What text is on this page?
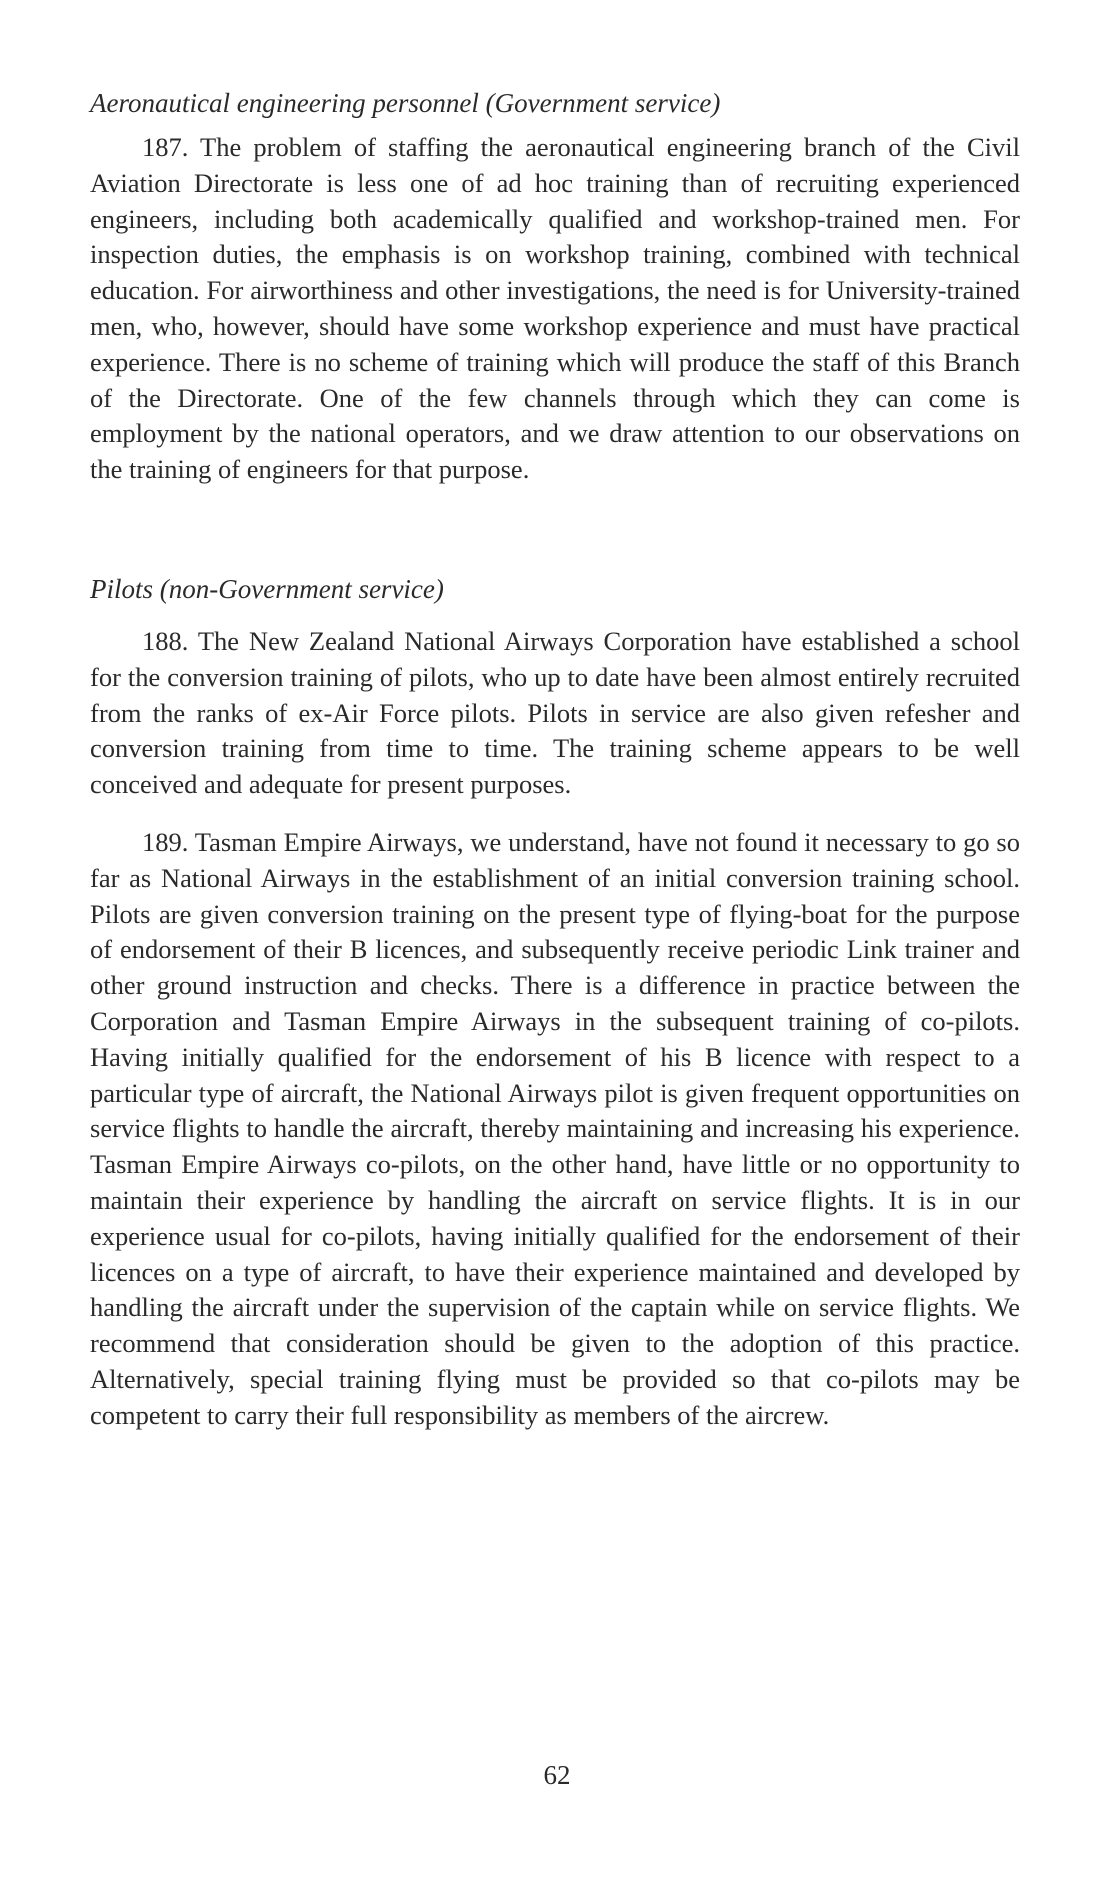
Aeronautical engineering personnel (Government service)

187. The problem of staffing the aeronautical engineering branch of the Civil Aviation Directorate is less one of ad hoc training than of recruiting experienced engineers, including both academically qualified and workshop-trained men. For inspection duties, the emphasis is on workshop training, combined with technical education. For airworthiness and other investigations, the need is for University-trained men, who, however, should have some workshop experience and must have practical experience. There is no scheme of training which will produce the staff of this Branch of the Directorate. One of the few channels through which they can come is employment by the national operators, and we draw attention to our observations on the training of engineers for that purpose.

Pilots (non-Government service)

188. The New Zealand National Airways Corporation have established a school for the conversion training of pilots, who up to date have been almost entirely recruited from the ranks of ex-Air Force pilots. Pilots in service are also given refesher and conversion training from time to time. The training scheme appears to be well conceived and adequate for present purposes.

189. Tasman Empire Airways, we understand, have not found it necessary to go so far as National Airways in the establishment of an initial conversion training school. Pilots are given conversion training on the present type of flying-boat for the purpose of endorsement of their B licences, and subsequently receive periodic Link trainer and other ground instruction and checks. There is a difference in practice between the Corporation and Tasman Empire Airways in the subsequent training of co-pilots. Having initially qualified for the endorsement of his B licence with respect to a particular type of aircraft, the National Airways pilot is given frequent opportunities on service flights to handle the aircraft, thereby maintaining and increasing his experience. Tasman Empire Airways co-pilots, on the other hand, have little or no opportunity to maintain their experience by handling the aircraft on service flights. It is in our experience usual for co-pilots, having initially qualified for the endorsement of their licences on a type of aircraft, to have their experience maintained and developed by handling the aircraft under the supervision of the captain while on service flights. We recommend that consideration should be given to the adoption of this practice. Alternatively, special training flying must be provided so that co-pilots may be competent to carry their full responsibility as members of the aircrew.

62
